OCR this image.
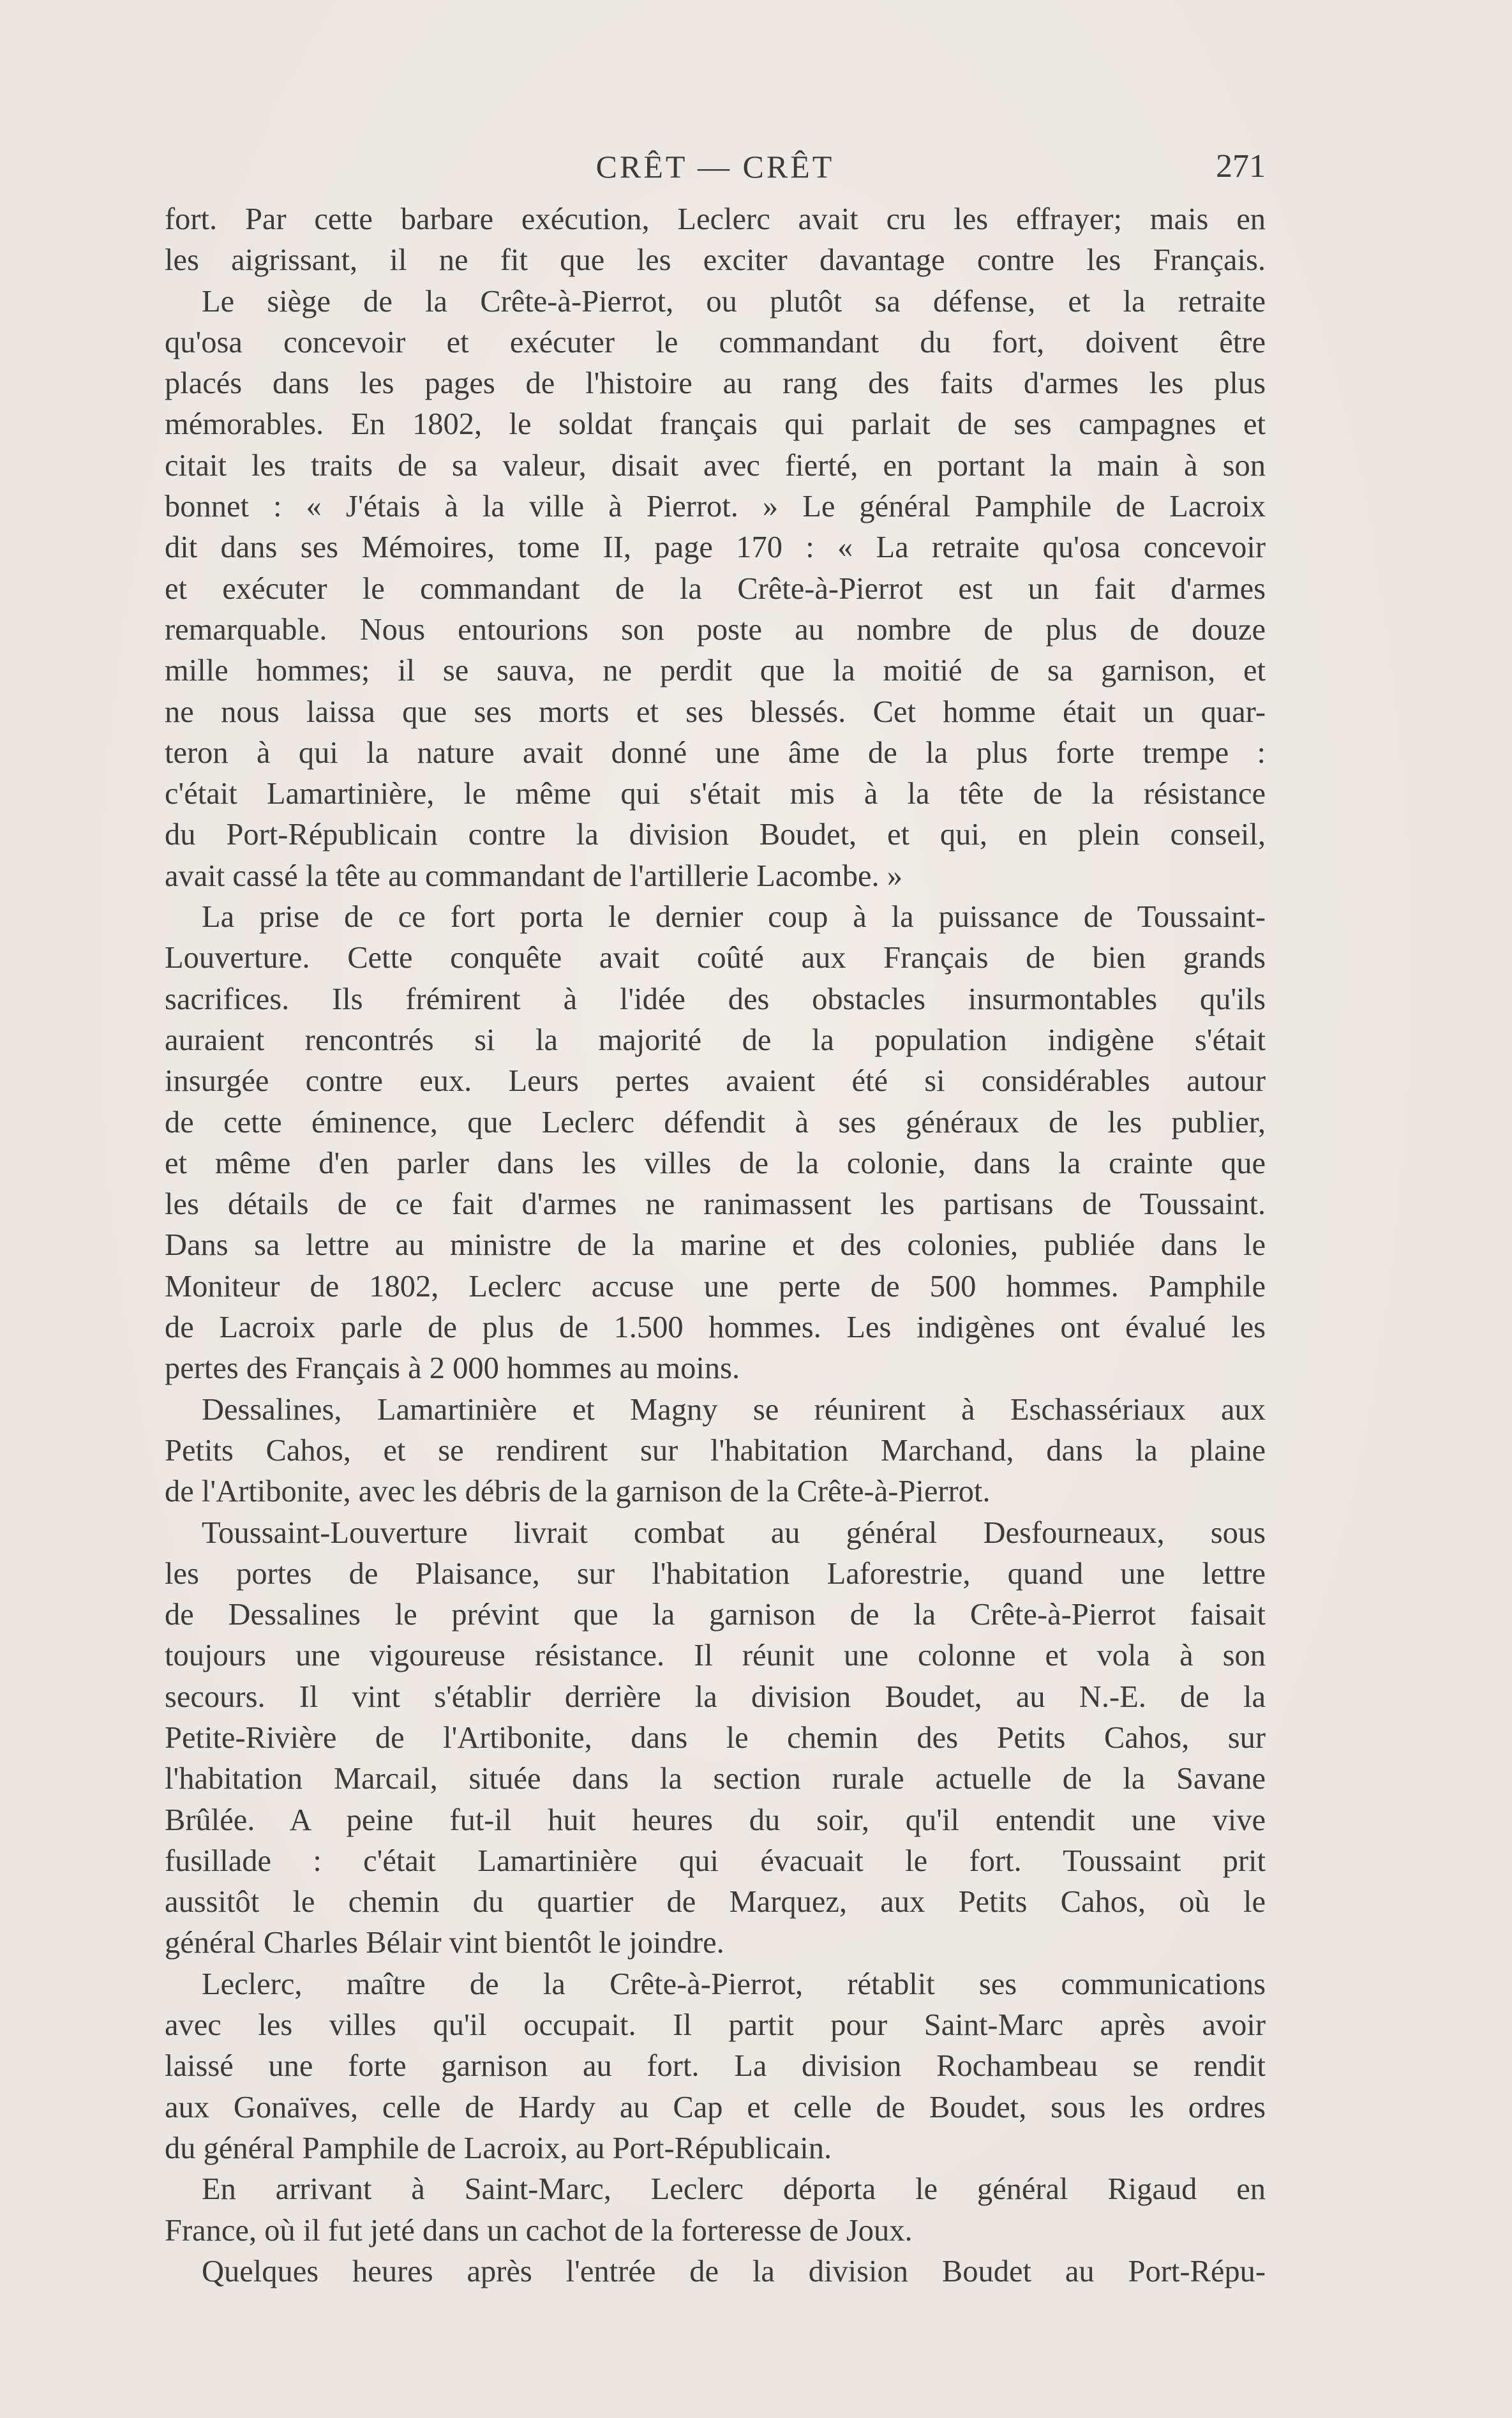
CRÊT — CRÊT	271
fort. Par cette barbare exécution, Leclerc avait cru les effrayer; mais en
les aigrissant, il ne fit que les exciter davantage contre les Français.
Le siège de la Crête-à-Pierrot, ou plutôt sa défense, et la retraite
qu'osa concevoir et exécuter le commandant du fort, doivent être
placés dans les pages de l'histoire au rang des faits d'armes les plus
mémorables. En 1802, le soldat français qui parlait de ses campagnes et
citait les traits de sa valeur, disait avec fierté, en portant la main à son
bonnet : « J'étais à la ville à Pierrot. » Le général Pamphile de Lacroix
dit dans ses Mémoires, tome II, page 170 : « La retraite qu'osa concevoir
et exécuter le commandant de la Crête-à-Pierrot est un fait d'armes
remarquable. Nous entourions son poste au nombre de plus de douze
mille hommes; il se sauva, ne perdit que la moitié de sa garnison, et
ne nous laissa que ses morts et ses blessés. Cet homme était un quar-
teron à qui la nature avait donné une âme de la plus forte trempe :
c'était Lamartinière, le même qui s'était mis à la tête de la résistance
du Port-Républicain contre la division Boudet, et qui, en plein conseil,
avait cassé la tête au commandant de l'artillerie Lacombe. »
La prise de ce fort porta le dernier coup à la puissance de Toussaint-
Louverture. Cette conquête avait coûté aux Français de bien grands
sacrifices. Ils frémirent à l'idée des obstacles insurmontables qu'ils
auraient rencontrés si la majorité de la population indigène s'était
insurgée contre eux. Leurs pertes avaient été si considérables autour
de cette éminence, que Leclerc défendit à ses généraux de les publier,
et même d'en parler dans les villes de la colonie, dans la crainte que
les détails de ce fait d'armes ne ranimassent les partisans de Toussaint.
Dans sa lettre au ministre de la marine et des colonies, publiée dans le
Moniteur de 1802, Leclerc accuse une perte de 500 hommes. Pamphile
de Lacroix parle de plus de 1.500 hommes. Les indigènes ont évalué les
pertes des Français à 2 000 hommes au moins.
Dessalines, Lamartinière et Magny se réunirent à Eschassériaux aux
Petits Cahos, et se rendirent sur l'habitation Marchand, dans la plaine
de l'Artibonite, avec les débris de la garnison de la Crête-à-Pierrot.
Toussaint-Louverture livrait combat au général Desfourneaux, sous
les portes de Plaisance, sur l'habitation Laforestrie, quand une lettre
de Dessalines le prévint que la garnison de la Crête-à-Pierrot faisait
toujours une vigoureuse résistance. Il réunit une colonne et vola à son
secours. Il vint s'établir derrière la division Boudet, au N.-E. de la
Petite-Rivière de l'Artibonite, dans le chemin des Petits Cahos, sur
l'habitation Marcail, située dans la section rurale actuelle de la Savane
Brûlée. A peine fut-il huit heures du soir, qu'il entendit une vive
fusillade : c'était Lamartinière qui évacuait le fort. Toussaint prit
aussitôt le chemin du quartier de Marquez, aux Petits Cahos, où le
général Charles Bélair vint bientôt le joindre.
Leclerc, maître de la Crête-à-Pierrot, rétablit ses communications
avec les villes qu'il occupait. Il partit pour Saint-Marc après avoir
laissé une forte garnison au fort. La division Rochambeau se rendit
aux Gonaïves, celle de Hardy au Cap et celle de Boudet, sous les ordres
du général Pamphile de Lacroix, au Port-Républicain.
En arrivant à Saint-Marc, Leclerc déporta le général Rigaud en
France, où il fut jeté dans un cachot de la forteresse de Joux.
Quelques heures après l'entrée de la division Boudet au Port-Répu-
